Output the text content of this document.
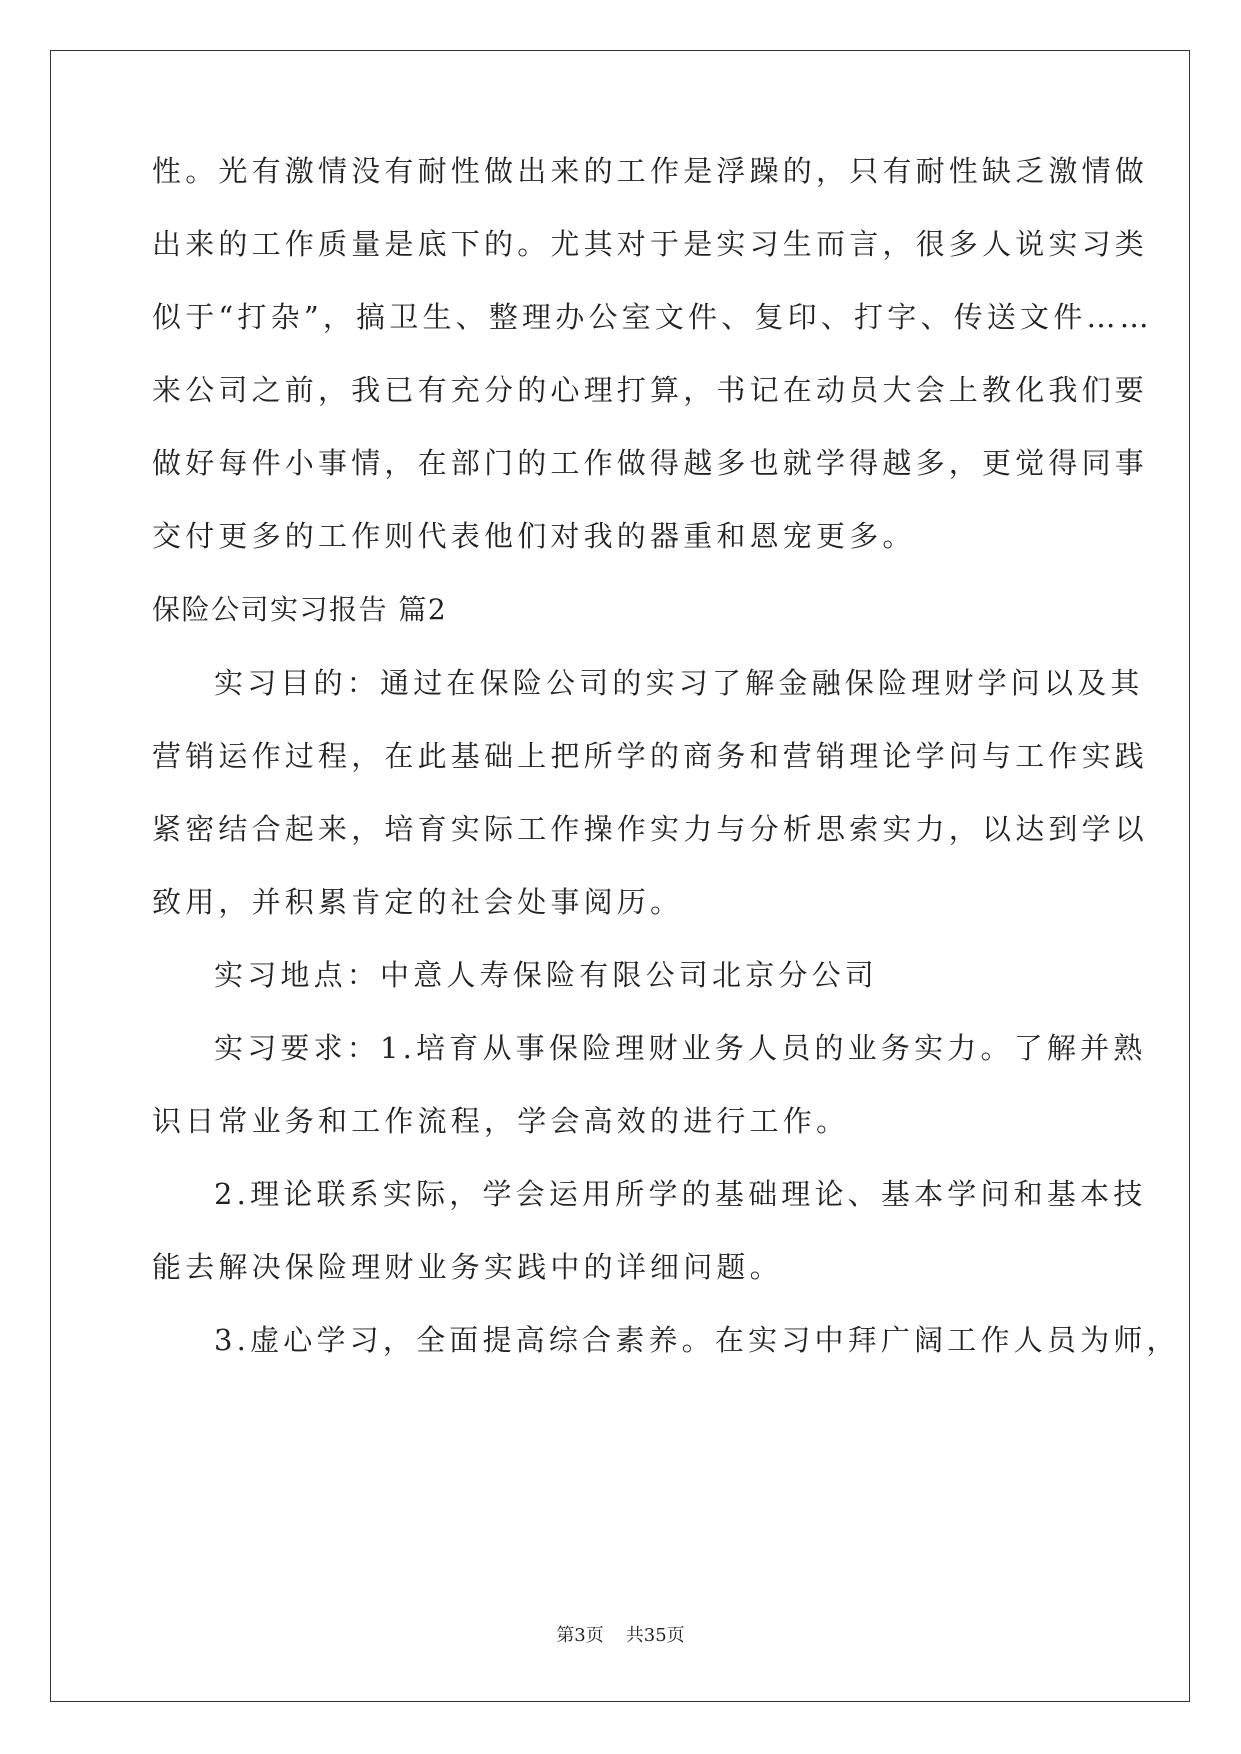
性。光有激情没有耐性做出来的工作是浮躁的，只有耐性缺乏激情做
出来的工作质量是底下的。尤其对于是实习生而言，很多人说实习类
似于“打杂”，搞卫生、整理办公室文件、复印、打字、传送文件……
来公司之前，我已有充分的心理打算，书记在动员大会上教化我们要
做好每件小事情，在部门的工作做得越多也就学得越多，更觉得同事
交付更多的工作则代表他们对我的器重和恩宠更多。
保险公司实习报告 篇2
实习目的：通过在保险公司的实习了解金融保险理财学问以及其
营销运作过程，在此基础上把所学的商务和营销理论学问与工作实践
紧密结合起来，培育实际工作操作实力与分析思索实力，以达到学以
致用，并积累肯定的社会处事阅历。
实习地点：中意人寿保险有限公司北京分公司
实习要求：1.培育从事保险理财业务人员的业务实力。了解并熟
识日常业务和工作流程，学会高效的进行工作。
2.理论联系实际，学会运用所学的基础理论、基本学问和基本技
能去解决保险理财业务实践中的详细问题。
3.虚心学习，全面提高综合素养。在实习中拜广阔工作人员为师，
第3页 共35页
